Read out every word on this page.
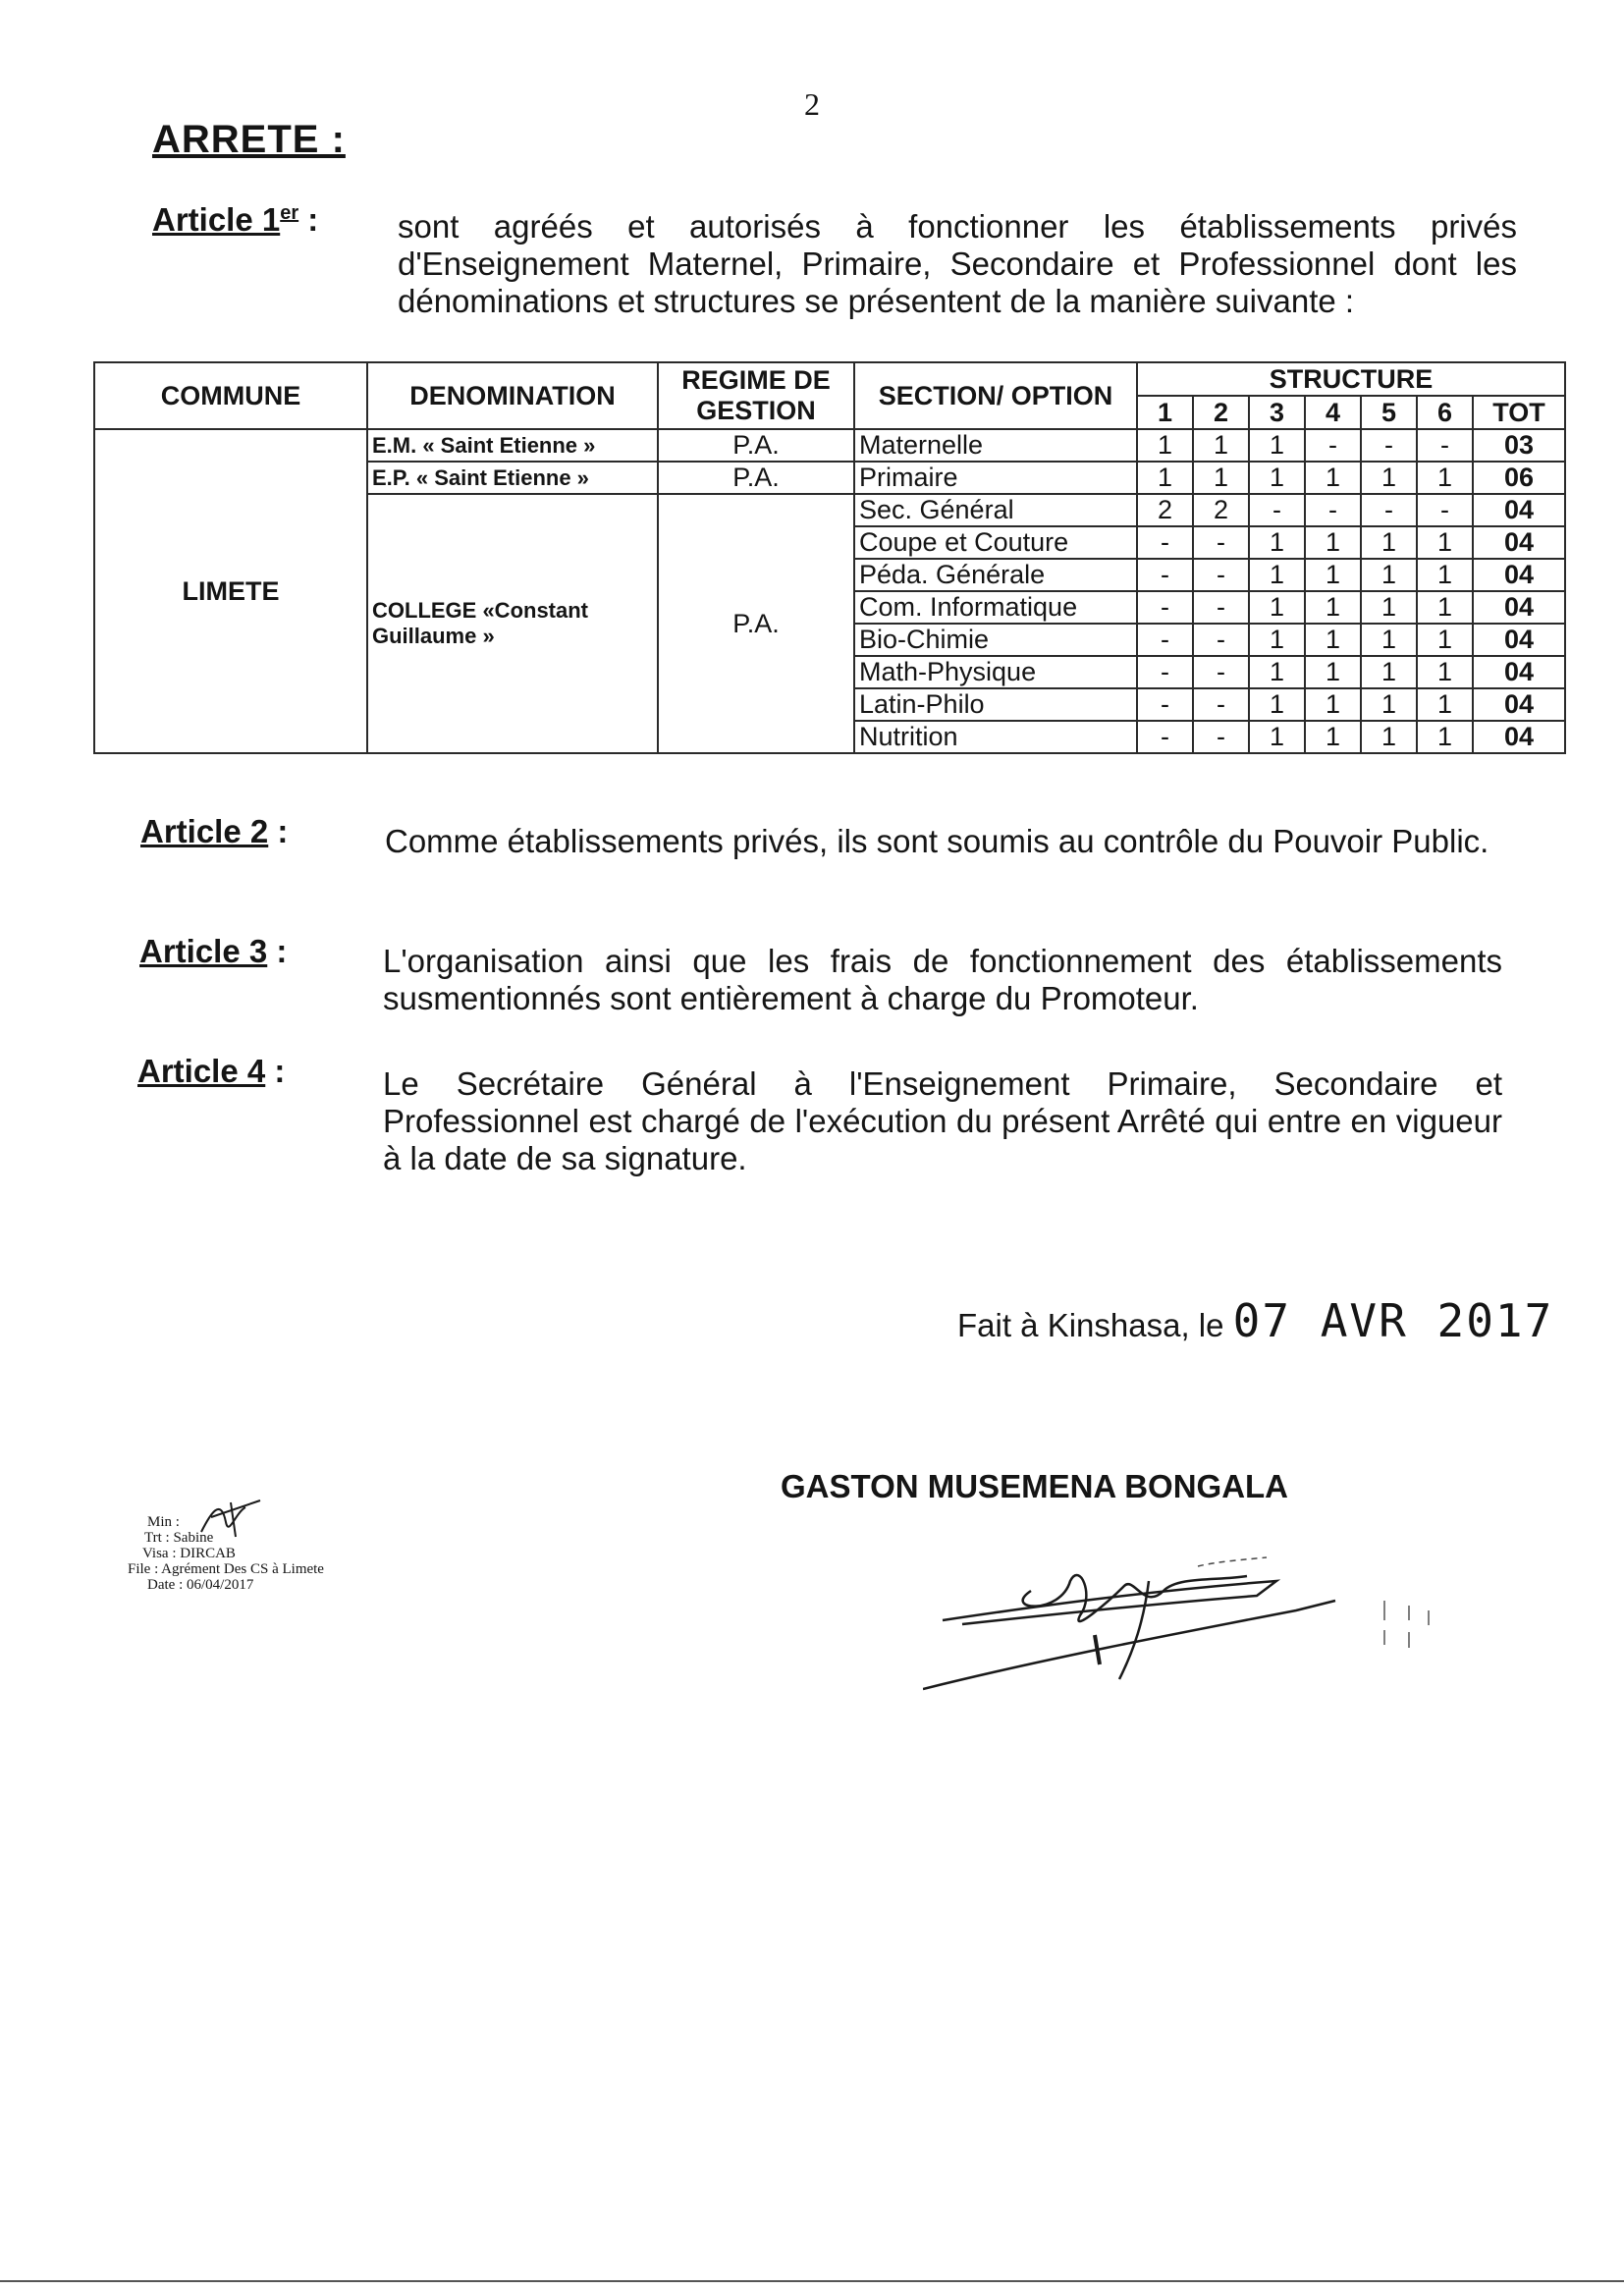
2
ARRETE :
Article 1er : sont agréés et autorisés à fonctionner les établissements privés d'Enseignement Maternel, Primaire, Secondaire et Professionnel dont les dénominations et structures se présentent de la manière suivante :

COMMUNE	DENOMINATION	REGIME DE GESTION	SECTION/ OPTION	STRUCTURE						
				1	2	3	4	5	6	TOT
LIMETE	E.M. « Saint Etienne »	P.A.	Maternelle	1	1	1	-	-	-	03
	E.P. « Saint Etienne »	P.A.	Primaire	1	1	1	1	1	1	06
	COLLEGE «Constant Guillaume »	P.A.	Sec. Général	2	2	-	-	-	-	04
			Coupe et Couture	-	-	1	1	1	1	04
			Péda. Générale	-	-	1	1	1	1	04
			Com. Informatique	-	-	1	1	1	1	04
			Bio-Chimie	-	-	1	1	1	1	04
			Math-Physique	-	-	1	1	1	1	04
			Latin-Philo	-	-	1	1	1	1	04
			Nutrition	-	-	1	1	1	1	04
Article 2 :	Comme établissements privés, ils sont soumis au contrôle du Pouvoir Public.

Article 3 :	L'organisation ainsi que les frais de fonctionnement des établissements susmentionnés sont entièrement à charge du Promoteur.

Article 4 :	Le Secrétaire Général à l'Enseignement Primaire, Secondaire et Professionnel est chargé de l'exécution du présent Arrêté qui entre en vigueur à la date de sa signature.

Fait à Kinshasa, le 07 AVR 2017
GASTON MUSEMENA BONGALA
Min :
Trt : Sabine
Visa : DIRCAB
File : Agrément Des CS à Limete
Date : 06/04/2017
